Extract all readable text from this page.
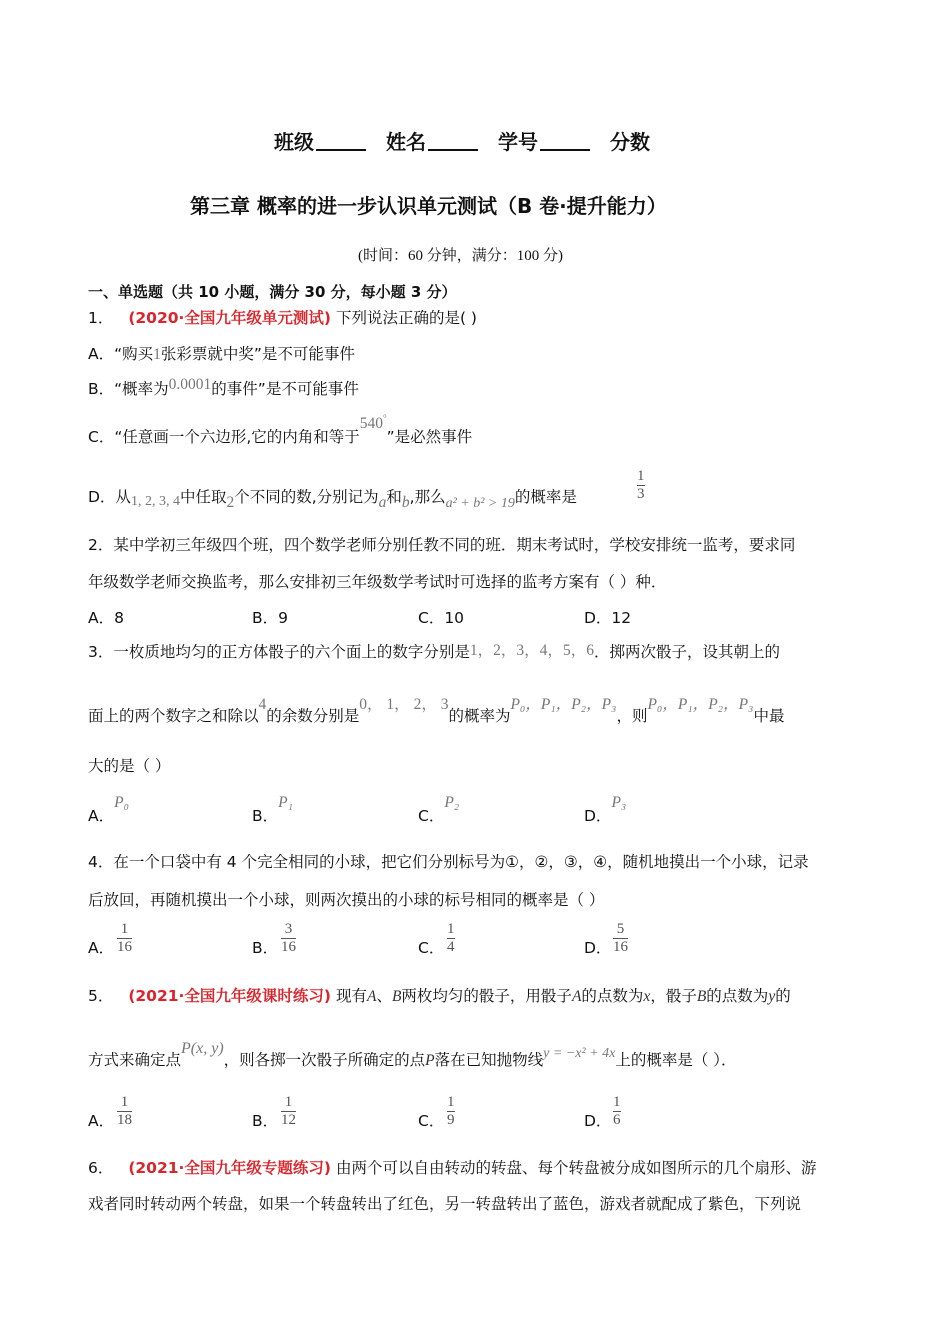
班级	姓名	学号	分数
第三章 概率的进一步认识单元测试（B 卷·提升能力）
(时间：60 分钟，满分：100 分)
一、单选题（共 10 小题，满分 30 分，每小题 3 分）
1． (2020·全国九年级单元测试) 下列说法正确的是( )
A．“购买1张彩票就中奖”是不可能事件
B．“概率为0.0001的事件”是不可能事件
C．“任意画一个六边形,它的内角和等于540°”是必然事件
D．从1, 2, 3, 4中任取2个不同的数,分别记为a和b,那么a² + b² > 19的概率是	$\frac{1}{3}$
2．某中学初三年级四个班，四个数学老师分别任教不同的班．期末考试时，学校安排统一监考，要求同
年级数学老师交换监考，那么安排初三年级数学考试时可选择的监考方案有（ ）种．
A．8	B．9	C．10	D．12
3．一枚质地均匀的正方体骰子的六个面上的数字分别是1，2，3，4，5，6．掷两次骰子，设其朝上的
面上的两个数字之和除以4的余数分别是0， 1， 2， 3的概率为P₀，P₁，P₂，P₃，则P₀，P₁，P₂，P₃中最
大的是（ ）
A．P₀
B．P₁
C．P₂
D．P₃
4．在一个口袋中有 4 个完全相同的小球，把它们分别标号为①，②，③，④，随机地摸出一个小球，记录
后放回，再随机摸出一个小球，则两次摸出的小球的标号相同的概率是（ ）
A． $\frac{1}{16}$	B． $\frac{3}{16}$	C． $\frac{1}{4}$	D． $\frac{5}{16}$
5． (2021·全国九年级课时练习) 现有A、B两枚均匀的骰子，用骰子A的点数为x，骰子B的点数为y的
方式来确定点P(x, y)，则各掷一次骰子所确定的点P落在已知抛物线y = −x² + 4x上的概率是（ ）．
A． $\frac{1}{18}$	B． $\frac{1}{12}$	C． $\frac{1}{9}$	D． $\frac{1}{6}$
6． (2021·全国九年级专题练习) 由两个可以自由转动的转盘、每个转盘被分成如图所示的几个扇形、游
戏者同时转动两个转盘，如果一个转盘转出了红色，另一转盘转出了蓝色，游戏者就配成了紫色，下列说
